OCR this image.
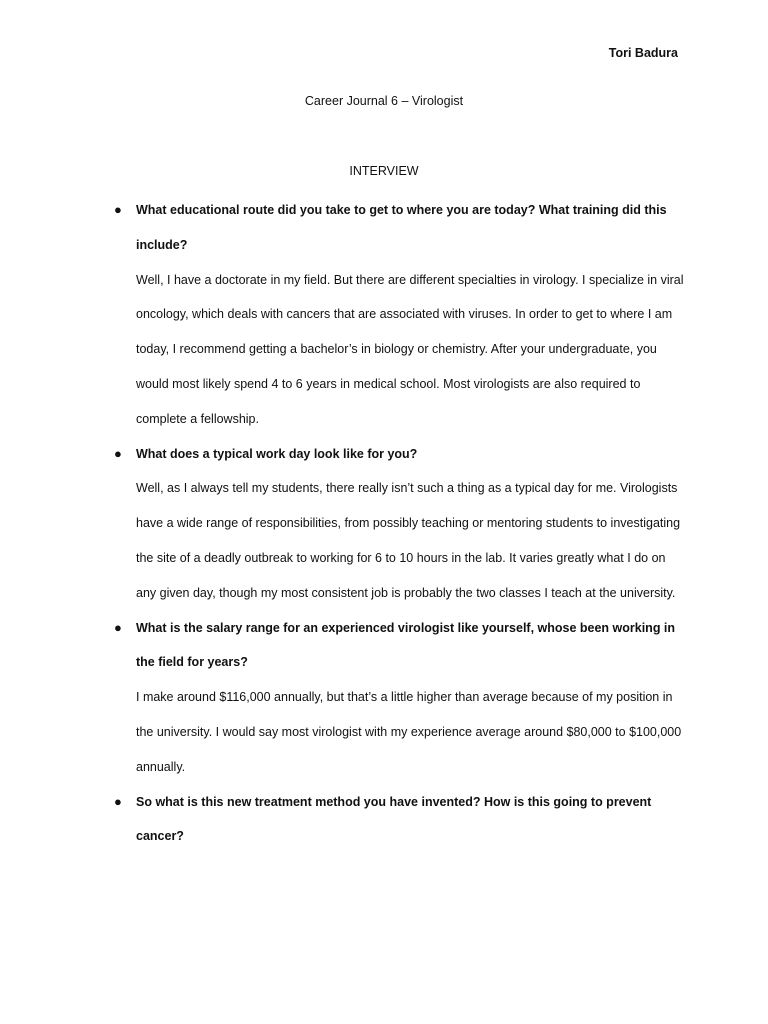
Tori Badura
Career Journal 6 – Virologist
INTERVIEW
● What educational route did you take to get to where you are today? What training did this include?
Well, I have a doctorate in my field. But there are different specialties in virology. I specialize in viral oncology, which deals with cancers that are associated with viruses. In order to get to where I am today, I recommend getting a bachelor’s in biology or chemistry. After your undergraduate, you would most likely spend 4 to 6 years in medical school. Most virologists are also required to complete a fellowship.
● What does a typical work day look like for you?
Well, as I always tell my students, there really isn’t such a thing as a typical day for me. Virologists have a wide range of responsibilities, from possibly teaching or mentoring students to investigating the site of a deadly outbreak to working for 6 to 10 hours in the lab. It varies greatly what I do on any given day, though my most consistent job is probably the two classes I teach at the university.
● What is the salary range for an experienced virologist like yourself, whose been working in the field for years?
I make around $116,000 annually, but that’s a little higher than average because of my position in the university. I would say most virologist with my experience average around $80,000 to $100,000 annually.
● So what is this new treatment method you have invented? How is this going to prevent cancer?
